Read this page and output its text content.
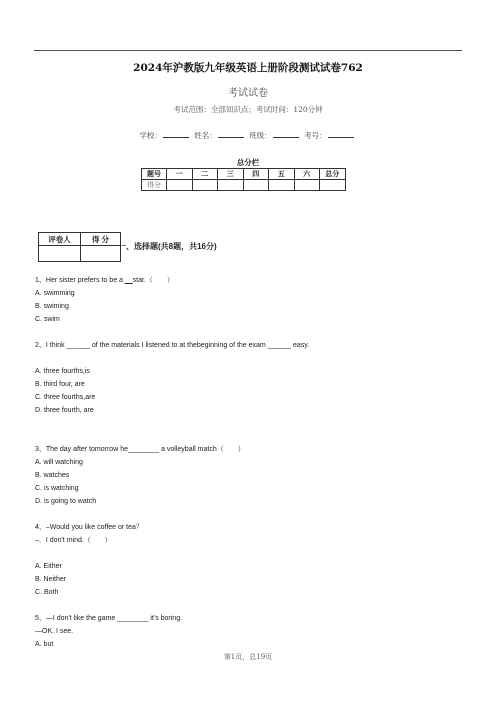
2024年沪教版九年级英语上册阶段测试试卷762
考试试卷
考试范围：全部知识点；考试时间：120分钟
学校：	姓名：	班级：	考号：
总分栏
题号	一	二	三	四	五	六	总分
得分							
评卷人	得 分

一、选择题(共8题，共16分)
1、Her sister prefers to be a __star.（　　）
A. swimming
B. swiming
C. swim
2、I think ______ of the materials I listened to at thebeginning of the exam ______ easy.
A. three fourths,is
B. third four, are
C. three fourths,are
D. three fourth, are
3、The day after tomorrow he________ a volleyball match（　　）
A. will watching
B. watches
C. is watching
D. is going to watch
4、–Would you like coffee or tea？
–．I don't mind.（　　）
A. Either
B. Neither
C. Both
5、—I don't like the game ________ it's boring.
—OK. I see.
A. but
第1页，总19页
